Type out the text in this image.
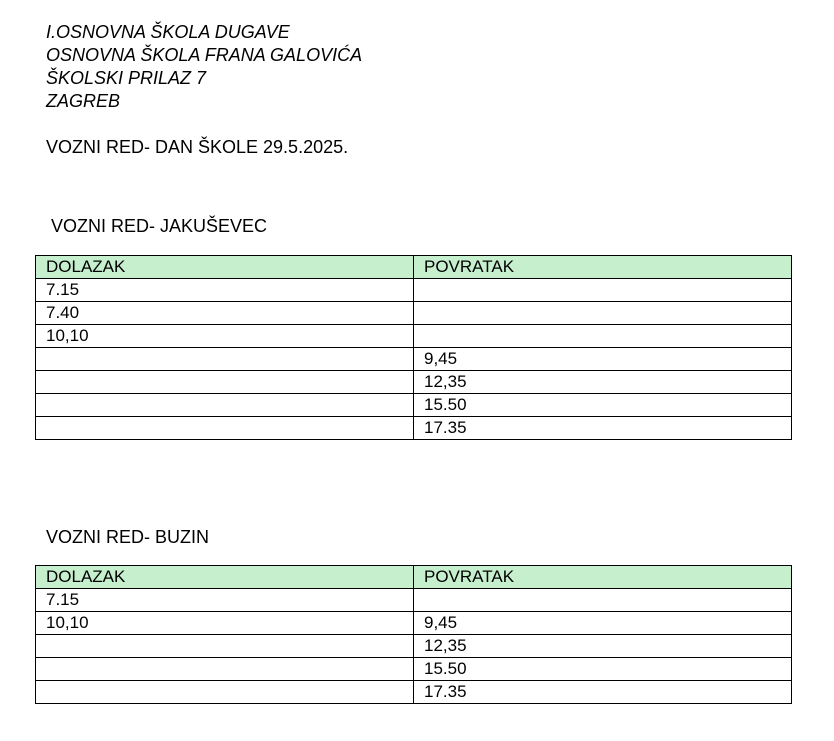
I.OSNOVNA ŠKOLA DUGAVE
OSNOVNA ŠKOLA FRANA GALOVIĆA
ŠKOLSKI PRILAZ 7
ZAGREB
VOZNI RED- DAN ŠKOLE 29.5.2025.
VOZNI RED- JAKUŠEVEC
DOLAZAK	POVRATAK
7.15	
7.40	
10,10	
	9,45
	12,35
	15.50
	17.35
VOZNI RED- BUZIN
DOLAZAK	POVRATAK
7.15	
10,10	9,45
	12,35
	15.50
	17.35
